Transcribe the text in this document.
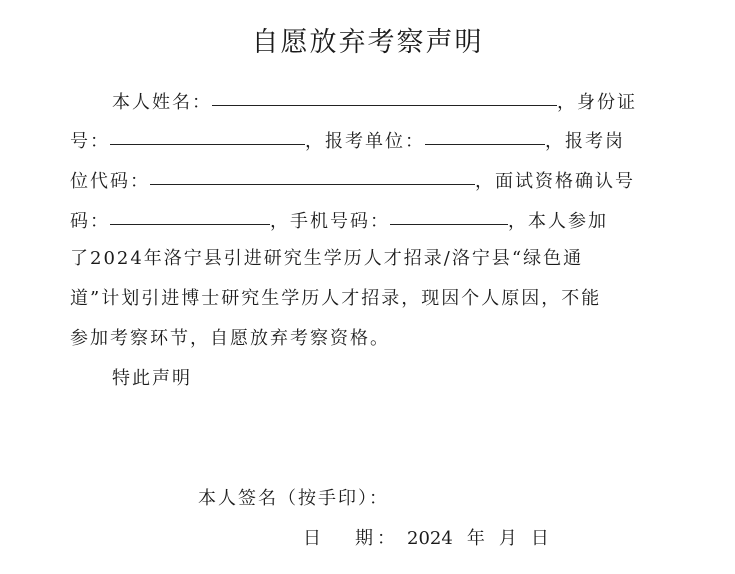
自愿放弃考察声明
本人姓名：	，身份证
号：	，报考单位：	，报考岗
位代码：	，面试资格确认号
码：	，手机号码：	，本人参加
了2024年洛宁县引进研究生学历人才招录/洛宁县“绿色通
道”计划引进博士研究生学历人才招录，现因个人原因，不能
参加考察环节，自愿放弃考察资格。
特此声明
本人签名（按手印）：
日 期： 2024 年 月 日
